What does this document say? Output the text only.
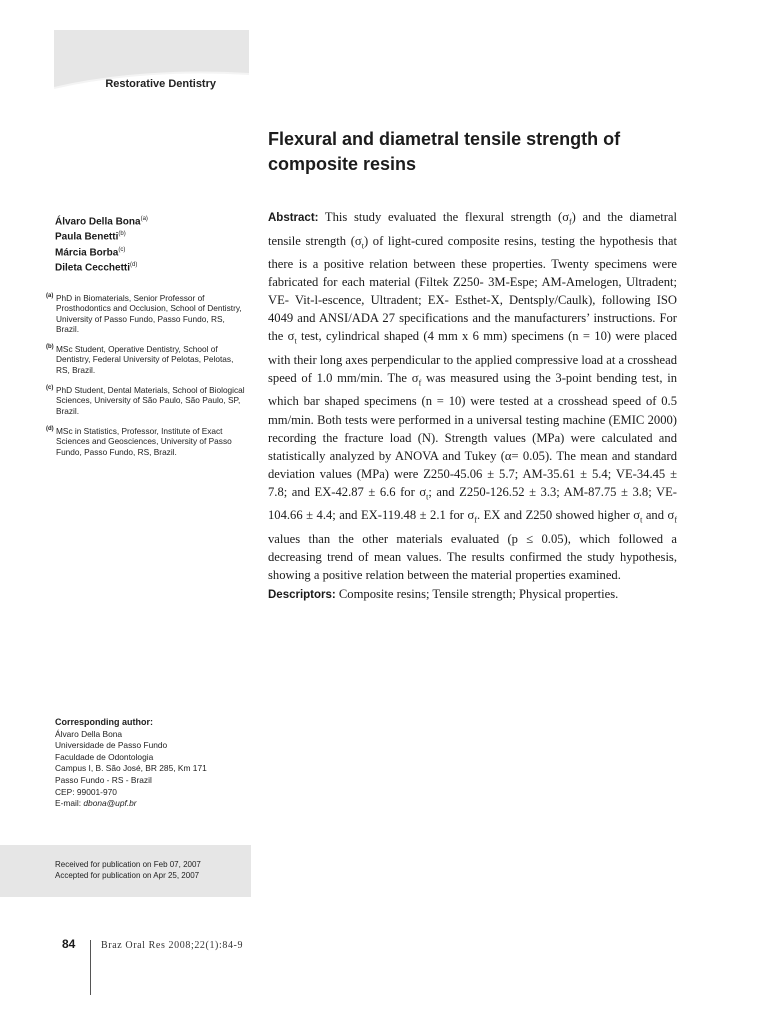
Restorative Dentistry
Flexural and diametral tensile strength of composite resins
Álvaro Della Bona$^{(a)}$
Paula Benetti$^{(b)}$
Márcia Borba$^{(c)}$
Dileta Cecchetti$^{(d)}$
(a) PhD in Biomaterials, Senior Professor of Prosthodontics and Occlusion, School of Dentistry, University of Passo Fundo, Passo Fundo, RS, Brazil.
(b) MSc Student, Operative Dentistry, School of Dentistry, Federal University of Pelotas, Pelotas, RS, Brazil.
(c) PhD Student, Dental Materials, School of Biological Sciences, University of São Paulo, São Paulo, SP, Brazil.
(d) MSc in Statistics, Professor, Institute of Exact Sciences and Geosciences, University of Passo Fundo, Passo Fundo, RS, Brazil.
Abstract: This study evaluated the flexural strength $(\sigma_f)$ and the diametral tensile strength $(\sigma_t)$ of light-cured composite resins, testing the hypothesis that there is a positive relation between these properties. Twenty specimens were fabricated for each material (Filtek Z250- 3M-Espe; AM-Amelogen, Ultradent; VE- Vit-l-escence, Ultradent; EX- Esthet-X, Dentsply/Caulk), following ISO 4049 and ANSI/ADA 27 specifications and the manufacturers’ instructions. For the $\sigma_t$ test, cylindrical shaped (4 mm x 6 mm) specimens (n = 10) were placed with their long axes perpendicular to the applied compressive load at a crosshead speed of 1.0 mm/min. The $\sigma_f$ was measured using the 3-point bending test, in which bar shaped specimens (n = 10) were tested at a crosshead speed of 0.5 mm/min. Both tests were performed in a universal testing machine (EMIC 2000) recording the fracture load (N). Strength values (MPa) were calculated and statistically analyzed by ANOVA and Tukey (α= 0.05). The mean and standard deviation values (MPa) were Z250-45.06 ± 5.7; AM-35.61 ± 5.4; VE-34.45 ± 7.8; and EX-42.87 ± 6.6 for $\sigma_t$; and Z250-126.52 ± 3.3; AM-87.75 ± 3.8; VE-104.66 ± 4.4; and EX-119.48 ± 2.1 for $\sigma_f$. EX and Z250 showed higher $\sigma_t$ and $\sigma_f$ values than the other materials evaluated (p ≤ 0.05), which followed a decreasing trend of mean values. The results confirmed the study hypothesis, showing a positive relation between the material properties examined.
Descriptors: Composite resins; Tensile strength; Physical properties.
Corresponding author:
Álvaro Della Bona
Universidade de Passo Fundo
Faculdade de Odontologia
Campus I, B. São José, BR 285, Km 171
Passo Fundo - RS - Brazil
CEP: 99001-970
E-mail: dbona@upf.br
Received for publication on Feb 07, 2007
Accepted for publication on Apr 25, 2007
84	Braz Oral Res 2008;22(1):84-9
